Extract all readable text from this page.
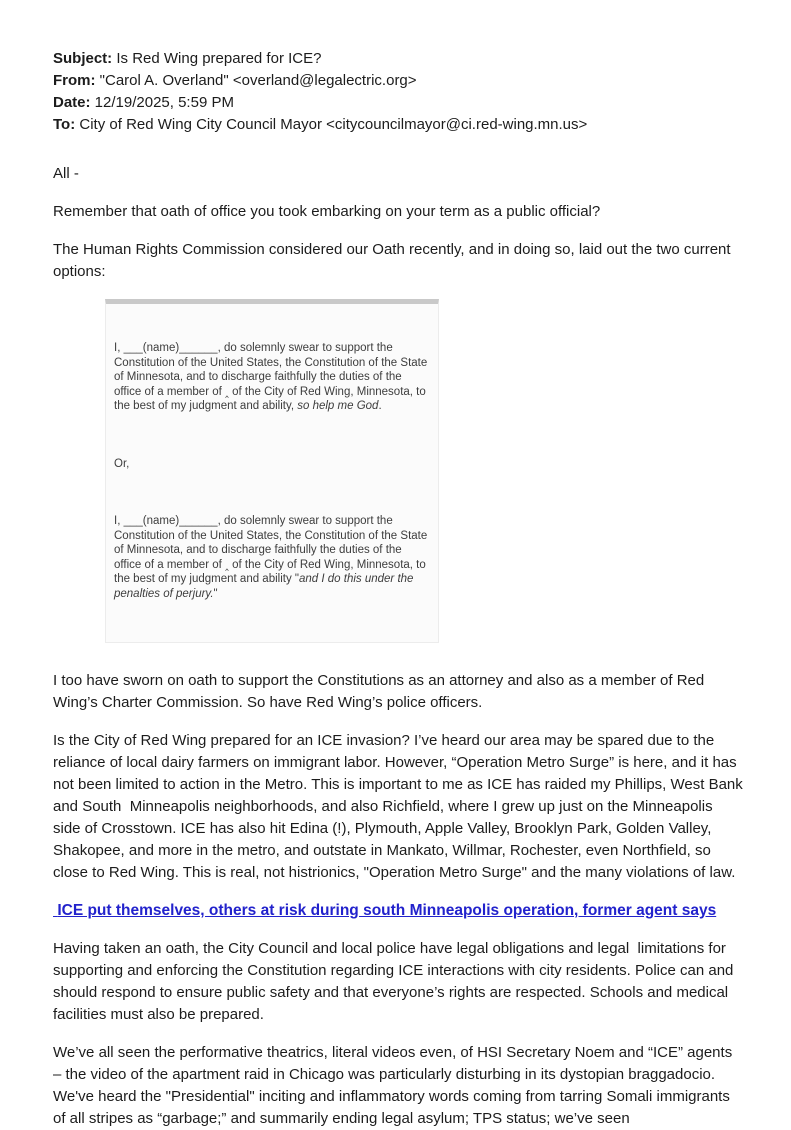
Subject: Is Red Wing prepared for ICE?
From: "Carol A. Overland" <overland@legalectric.org>
Date: 12/19/2025, 5:59 PM
To: City of Red Wing City Council Mayor <citycouncilmayor@ci.red-wing.mn.us>

All -

Remember that oath of office you took embarking on your term as a public official?

The Human Rights Commission considered our Oath recently, and in doing so, laid out the two current options:

I, ___(name)______, do solemnly swear to support the Constitution of the United States, the Constitution of the State of Minnesota, and to discharge faithfully the duties of the office of a member of ‸ of the City of Red Wing, Minnesota, to the best of my judgment and ability, so help me God.

Or,

I, ___(name)______, do solemnly swear to support the Constitution of the United States, the Constitution of the State of Minnesota, and to discharge faithfully the duties of the office of a member of ‸ of the City of Red Wing, Minnesota, to the best of my judgment and ability "and I do this under the penalties of perjury."

I too have sworn on oath to support the Constitutions as an attorney and also as a member of Red Wing’s Charter Commission. So have Red Wing’s police officers.

Is the City of Red Wing prepared for an ICE invasion? I’ve heard our area may be spared due to the reliance of local dairy farmers on immigrant labor. However, “Operation Metro Surge” is here, and it has not been limited to action in the Metro. This is important to me as ICE has raided my Phillips, West Bank and South  Minneapolis neighborhoods, and also Richfield, where I grew up just on the Minneapolis side of Crosstown. ICE has also hit Edina (!), Plymouth, Apple Valley, Brooklyn Park, Golden Valley, Shakopee, and more in the metro, and outstate in Mankato, Willmar, Rochester, even Northfield, so close to Red Wing. This is real, not histrionics, "Operation Metro Surge" and the many violations of law.

ICE put themselves, others at risk during south Minneapolis operation, former agent says

Having taken an oath, the City Council and local police have legal obligations and legal  limitations for supporting and enforcing the Constitution regarding ICE interactions with city residents. Police can and should respond to ensure public safety and that everyone’s rights are respected. Schools and medical facilities must also be prepared.

We’ve all seen the performative theatrics, literal videos even, of HSI Secretary Noem and “ICE” agents – the video of the apartment raid in Chicago was particularly disturbing in its dystopian braggadocio. We've heard the "Presidential" inciting and inflammatory words coming from tarring Somali immigrants of all stripes as “garbage;” and summarily ending legal asylum; TPS status; we’ve seen
